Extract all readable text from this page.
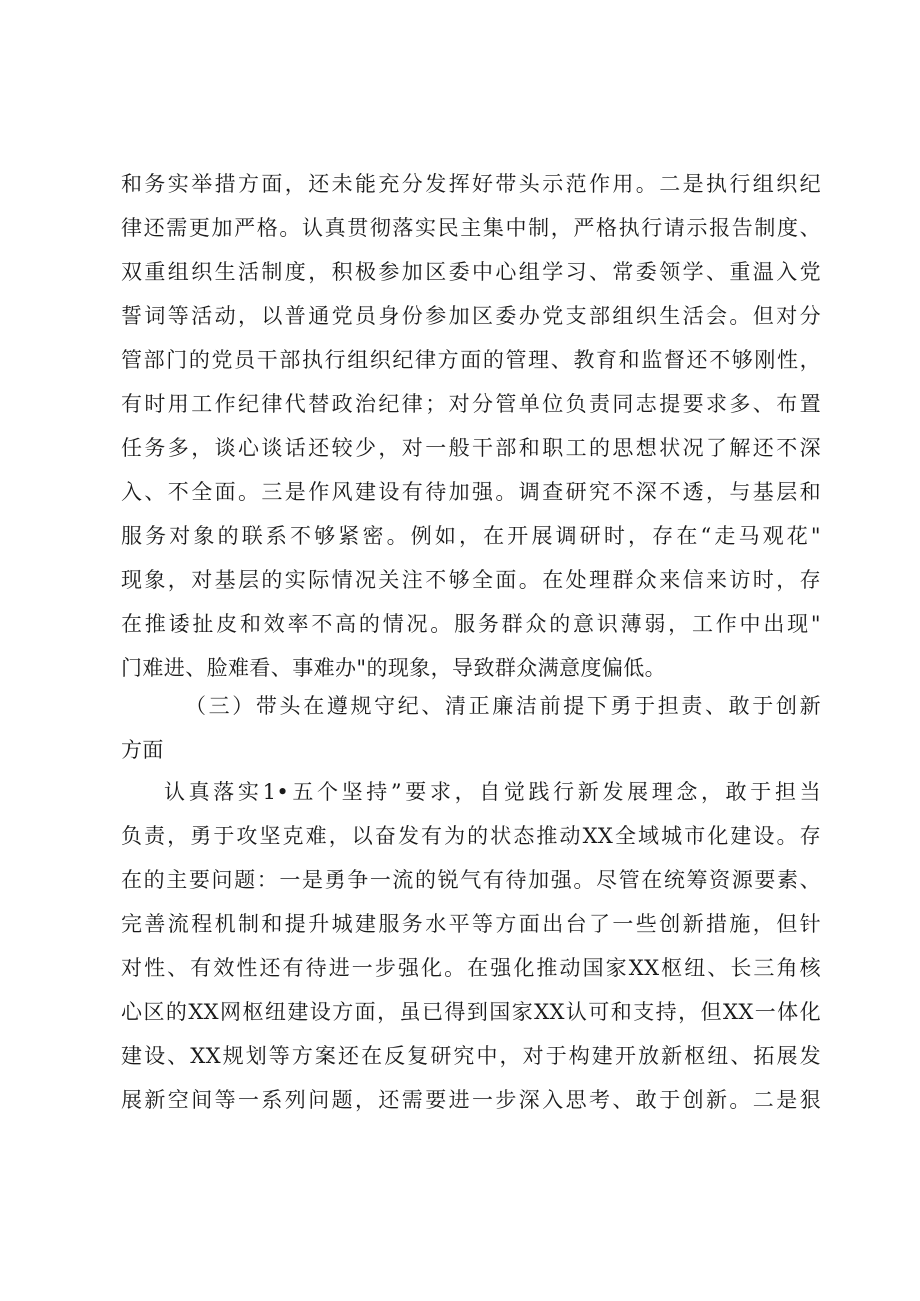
和务实举措方面，还未能充分发挥好带头示范作用。二是执行组织纪
律还需更加严格。认真贯彻落实民主集中制，严格执行请示报告制度、
双重组织生活制度，积极参加区委中心组学习、常委领学、重温入党
誓词等活动，以普通党员身份参加区委办党支部组织生活会。但对分
管部门的党员干部执行组织纪律方面的管理、教育和监督还不够刚性，
有时用工作纪律代替政治纪律；对分管单位负责同志提要求多、布置
任务多，谈心谈话还较少，对一般干部和职工的思想状况了解还不深
入、不全面。三是作风建设有待加强。调查研究不深不透，与基层和
服务对象的联系不够紧密。例如，在开展调研时，存在“走马观花"
现象，对基层的实际情况关注不够全面。在处理群众来信来访时，存
在推诿扯皮和效率不高的情况。服务群众的意识薄弱，工作中出现"
门难进、脸难看、事难办"的现象，导致群众满意度偏低。
（三）带头在遵规守纪、清正廉洁前提下勇于担责、敢于创新
方面
认真落实1•五个坚持”要求，自觉践行新发展理念，敢于担当
负责，勇于攻坚克难，以奋发有为的状态推动XX全域城市化建设。存
在的主要问题：一是勇争一流的锐气有待加强。尽管在统筹资源要素、
完善流程机制和提升城建服务水平等方面出台了一些创新措施，但针
对性、有效性还有待进一步强化。在强化推动国家XX枢纽、长三角核
心区的XX网枢纽建设方面，虽已得到国家XX认可和支持，但XX一体化
建设、XX规划等方案还在反复研究中，对于构建开放新枢纽、拓展发
展新空间等一系列问题，还需要进一步深入思考、敢于创新。二是狠
